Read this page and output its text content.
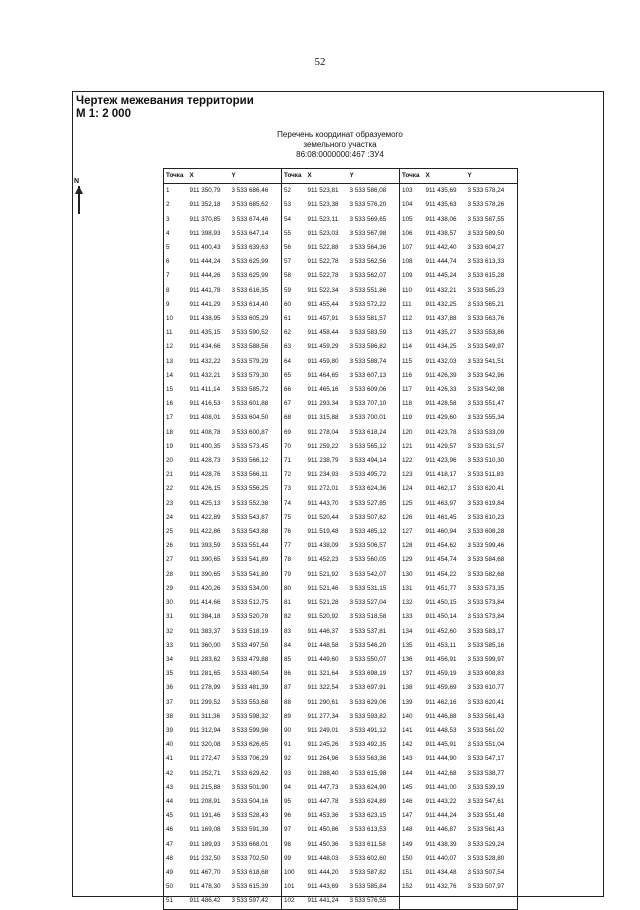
52
Чертеж межевания территории
М 1: 2 000
Перечень координат образуемого
земельного участка
86:08:0000000:467 :ЗУ4
N
Точка	X	Y	Точка	X	Y	Точка	X	Y
1	911 350,79	3 533 686,46	52	911 523,81	3 533 586,08	103	911 435,69	3 533 578,24
2	911 352,18	3 533 685,62	53	911 523,38	3 533 576,20	104	911 435,63	3 533 578,26
3	911 370,85	3 533 674,46	54	911 523,11	3 533 569,65	105	911 438,06	3 533 587,55
4	911 398,93	3 533 647,14	55	911 523,03	3 533 567,98	106	911 438,57	3 533 589,50
5	911 400,43	3 533 639,63	56	911 522,88	3 533 564,36	107	911 442,40	3 533 604,27
6	911 444,24	3 533 625,99	57	911 522,78	3 533 562,56	108	911 444,74	3 533 613,33
7	911 444,26	3 533 625,99	58	911 522,78	3 533 562,07	109	911 445,24	3 533 615,28
8	911 441,78	3 533 616,35	59	911 522,34	3 533 551,86	110	911 432,21	3 533 565,23
9	911 441,29	3 533 614,40	60	911 455,44	3 533 572,22	111	911 432,25	3 533 565,21
10	911 438,95	3 533 605,29	61	911 457,91	3 533 581,57	112	911 437,88	3 533 563,76
11	911 435,15	3 533 590,52	62	911 458,44	3 533 583,59	113	911 435,27	3 533 553,86
12	911 434,66	3 533 588,56	63	911 459,29	3 533 586,82	114	911 434,25	3 533 549,97
13	911 432,22	3 533 579,29	64	911 459,80	3 533 588,74	115	911 432,03	3 533 541,51
14	911 432,21	3 533 579,30	65	911 464,65	3 533 607,13	116	911 426,39	3 533 542,96
15	911 411,14	3 533 585,72	66	911 465,16	3 533 609,06	117	911 426,33	3 533 542,98
16	911 416,53	3 533 601,88	67	911 293,34	3 533 707,10	118	911 428,58	3 533 551,47
17	911 408,01	3 533 604,50	68	911 315,88	3 533 700,01	119	911 429,60	3 533 555,34
18	911 408,78	3 533 600,87	69	911 278,04	3 533 618,24	120	911 423,78	3 533 533,09
19	911 400,35	3 533 573,45	70	911 259,22	3 533 565,12	121	911 429,57	3 533 531,57
20	911 428,73	3 533 566,12	71	911 238,79	3 533 494,14	122	911 423,96	3 533 510,30
21	911 428,76	3 533 566,11	72	911 234,93	3 533 495,72	123	911 418,17	3 533 511,83
22	911 426,15	3 533 556,25	73	911 272,01	3 533 624,36	124	911 462,17	3 533 620,41
23	911 425,13	3 533 552,38	74	911 443,70	3 533 527,85	125	911 463,97	3 533 619,84
24	911 422,89	3 533 543,87	75	911 520,44	3 533 507,62	126	911 461,45	3 533 610,23
25	911 422,86	3 533 543,88	76	911 519,48	3 533 485,12	127	911 460,94	3 533 608,28
26	911 393,59	3 533 551,44	77	911 438,09	3 533 506,57	128	911 454,62	3 533 599,46
27	911 390,65	3 533 541,89	78	911 452,23	3 533 560,05	129	911 454,74	3 533 584,68
28	911 390,65	3 533 541,89	79	911 521,92	3 533 542,07	130	911 454,22	3 533 582,68
29	911 420,26	3 533 534,00	80	911 521,46	3 533 531,15	131	911 451,77	3 533 573,35
30	911 414,66	3 533 512,75	81	911 521,28	3 533 527,04	132	911 450,15	3 533 573,84
31	911 384,18	3 533 520,78	82	911 520,92	3 533 518,58	133	911 450,14	3 533 573,84
32	911 383,37	3 533 518,19	83	911 446,37	3 533 537,81	134	911 452,60	3 533 583,17
33	911 360,00	3 533 497,50	84	911 448,58	3 533 546,20	135	911 453,11	3 533 585,16
34	911 283,62	3 533 479,88	85	911 449,60	3 533 550,07	136	911 456,91	3 533 599,97
35	911 281,65	3 533 480,54	86	911 321,64	3 533 698,19	137	911 459,19	3 533 608,83
36	911 278,99	3 533 481,39	87	911 322,54	3 533 697,91	138	911 459,69	3 533 610,77
37	911 299,52	3 533 553,68	88	911 290,61	3 533 629,06	139	911 462,16	3 533 620,41
38	911 311,36	3 533 598,32	89	911 277,34	3 533 593,82	140	911 446,88	3 533 561,43
39	911 312,94	3 533 599,98	90	911 249,01	3 533 491,12	141	911 448,53	3 533 561,02
40	911 320,08	3 533 626,65	91	911 245,26	3 533 492,35	142	911 445,91	3 533 551,04
41	911 272,47	3 533 706,29	92	911 264,96	3 533 563,36	143	911 444,90	3 533 547,17
42	911 252,71	3 533 629,62	93	911 288,40	3 533 615,98	144	911 442,68	3 533 538,77
43	911 215,88	3 533 501,90	94	911 447,73	3 533 624,90	145	911 441,00	3 533 539,19
44	911 208,91	3 533 504,16	95	911 447,78	3 533 624,89	146	911 443,22	3 533 547,61
45	911 191,46	3 533 528,43	96	911 453,36	3 533 623,15	147	911 444,24	3 533 551,48
46	911 169,08	3 533 591,39	97	911 450,86	3 533 613,53	148	911 446,87	3 533 561,43
47	911 189,93	3 533 668,01	98	911 450,36	3 533 611,58	149	911 438,39	3 533 529,24
48	911 232,50	3 533 702,50	99	911 448,03	3 533 602,60	150	911 440,07	3 533 528,80
49	911 467,70	3 533 618,68	100	911 444,20	3 533 587,82	151	911 434,48	3 533 507,54
50	911 478,30	3 533 615,39	101	911 443,69	3 533 585,84	152	911 432,76	3 533 507,97
51	911 486,42	3 533 597,42	102	911 441,24	3 533 576,55			
